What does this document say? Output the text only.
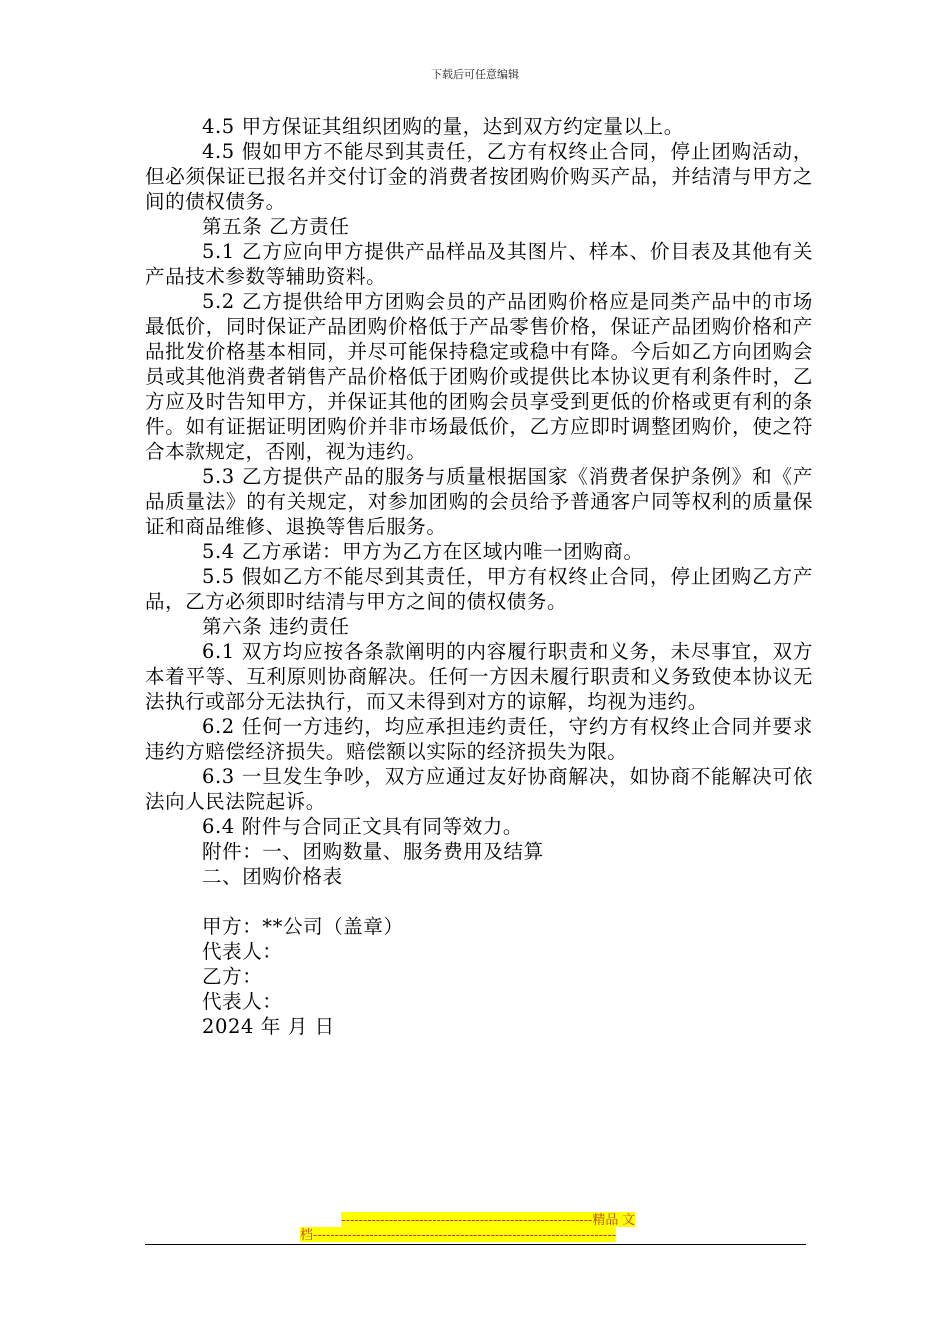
下载后可任意编辑

4.5 甲方保证其组织团购的量，达到双方约定量以上。

4.5 假如甲方不能尽到其责任，乙方有权终止合同，停止团购活动，但必须保证已报名并交付订金的消费者按团购价购买产品，并结清与甲方之间的债权债务。

第五条 乙方责任

5.1 乙方应向甲方提供产品样品及其图片、样本、价目表及其他有关产品技术参数等辅助资料。

5.2 乙方提供给甲方团购会员的产品团购价格应是同类产品中的市场最低价，同时保证产品团购价格低于产品零售价格，保证产品团购价格和产品批发价格基本相同，并尽可能保持稳定或稳中有降。今后如乙方向团购会员或其他消费者销售产品价格低于团购价或提供比本协议更有利条件时，乙方应及时告知甲方，并保证其他的团购会员享受到更低的价格或更有利的条件。如有证据证明团购价并非市场最低价，乙方应即时调整团购价，使之符合本款规定，否刚，视为违约。

5.3 乙方提供产品的服务与质量根据国家《消费者保护条例》和《产品质量法》的有关规定，对参加团购的会员给予普通客户同等权利的质量保证和商品维修、退换等售后服务。

5.4 乙方承诺：甲方为乙方在区域内唯一团购商。

5.5 假如乙方不能尽到其责任，甲方有权终止合同，停止团购乙方产品，乙方必须即时结清与甲方之间的债权债务。

第六条 违约责任

6.1 双方均应按各条款阐明的内容履行职责和义务，未尽事宜，双方本着平等、互利原则协商解决。任何一方因未履行职责和义务致使本协议无法执行或部分无法执行，而又未得到对方的谅解，均视为违约。

6.2 任何一方违约，均应承担违约责任，守约方有权终止合同并要求违约方赔偿经济损失。赔偿额以实际的经济损失为限。

6.3 一旦发生争吵，双方应通过友好协商解决，如协商不能解决可依法向人民法院起诉。

6.4 附件与合同正文具有同等效力。

附件：一、团购数量、服务费用及结算

二、团购价格表

甲方：**公司（盖章）

代表人：

乙方：

代表人：

2024 年 月 日

----------------------------------------------------------精品 文
档----------------------------------------------------------------------
